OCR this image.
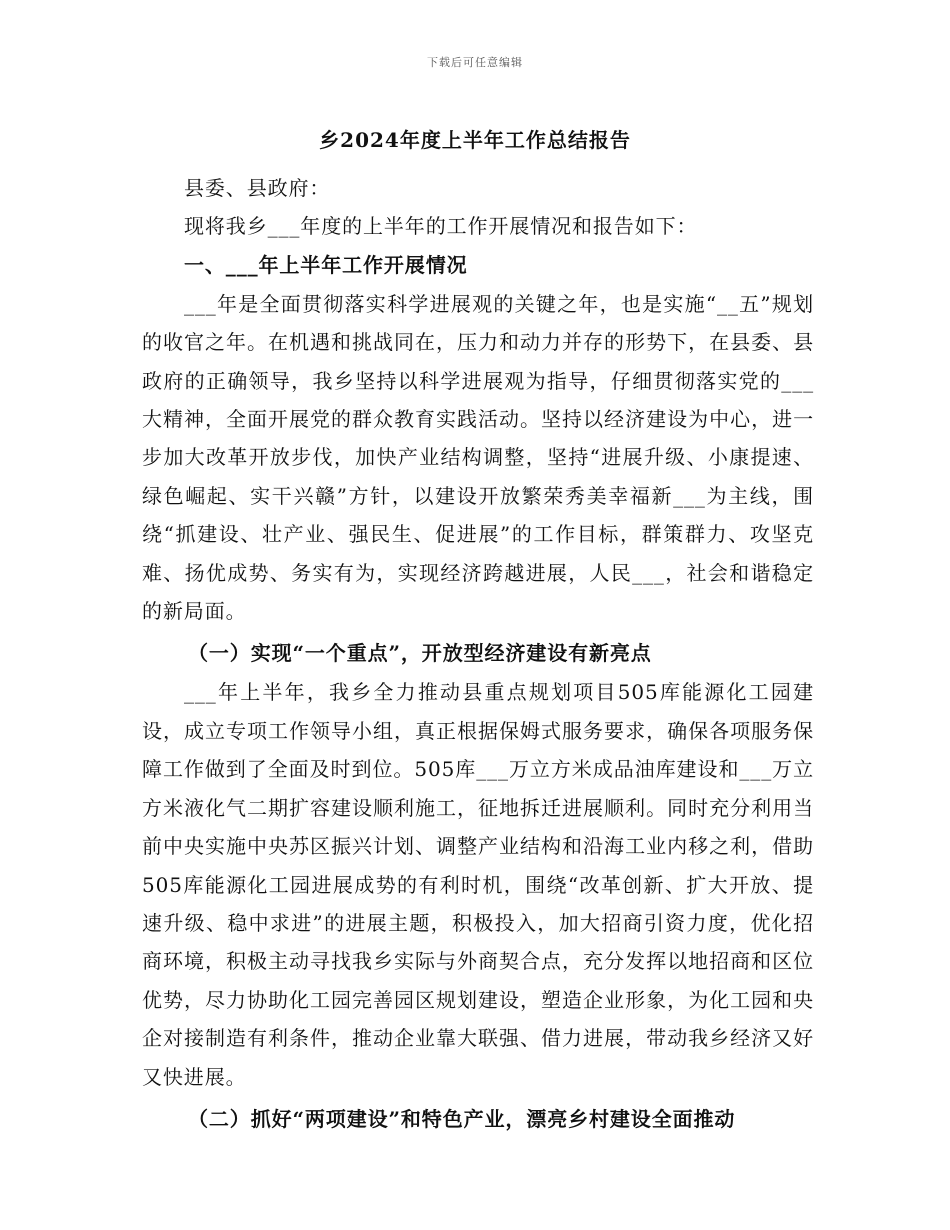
下载后可任意编辑
乡2024年度上半年工作总结报告

县委、县政府：

现将我乡___年度的上半年的工作开展情况和报告如下：

一、___年上半年工作开展情况

___年是全面贯彻落实科学进展观的关键之年，也是实施“__五”规划的收官之年。在机遇和挑战同在，压力和动力并存的形势下，在县委、县政府的正确领导，我乡坚持以科学进展观为指导，仔细贯彻落实党的___大精神，全面开展党的群众教育实践活动。坚持以经济建设为中心，进一步加大改革开放步伐，加快产业结构调整，坚持“进展升级、小康提速、绿色崛起、实干兴赣”方针，以建设开放繁荣秀美幸福新___为主线，围绕“抓建设、壮产业、强民生、促进展”的工作目标，群策群力、攻坚克难、扬优成势、务实有为，实现经济跨越进展，人民___，社会和谐稳定的新局面。

（一）实现“一个重点”，开放型经济建设有新亮点

___年上半年，我乡全力推动县重点规划项目505库能源化工园建设，成立专项工作领导小组，真正根据保姆式服务要求，确保各项服务保障工作做到了全面及时到位。505库___万立方米成品油库建设和___万立方米液化气二期扩容建设顺利施工，征地拆迁进展顺利。同时充分利用当前中央实施中央苏区振兴计划、调整产业结构和沿海工业内移之利，借助505库能源化工园进展成势的有利时机，围绕“改革创新、扩大开放、提速升级、稳中求进”的进展主题，积极投入，加大招商引资力度，优化招商环境，积极主动寻找我乡实际与外商契合点，充分发挥以地招商和区位优势，尽力协助化工园完善园区规划建设，塑造企业形象，为化工园和央企对接制造有利条件，推动企业靠大联强、借力进展，带动我乡经济又好又快进展。

（二）抓好“两项建设”和特色产业，漂亮乡村建设全面推动
